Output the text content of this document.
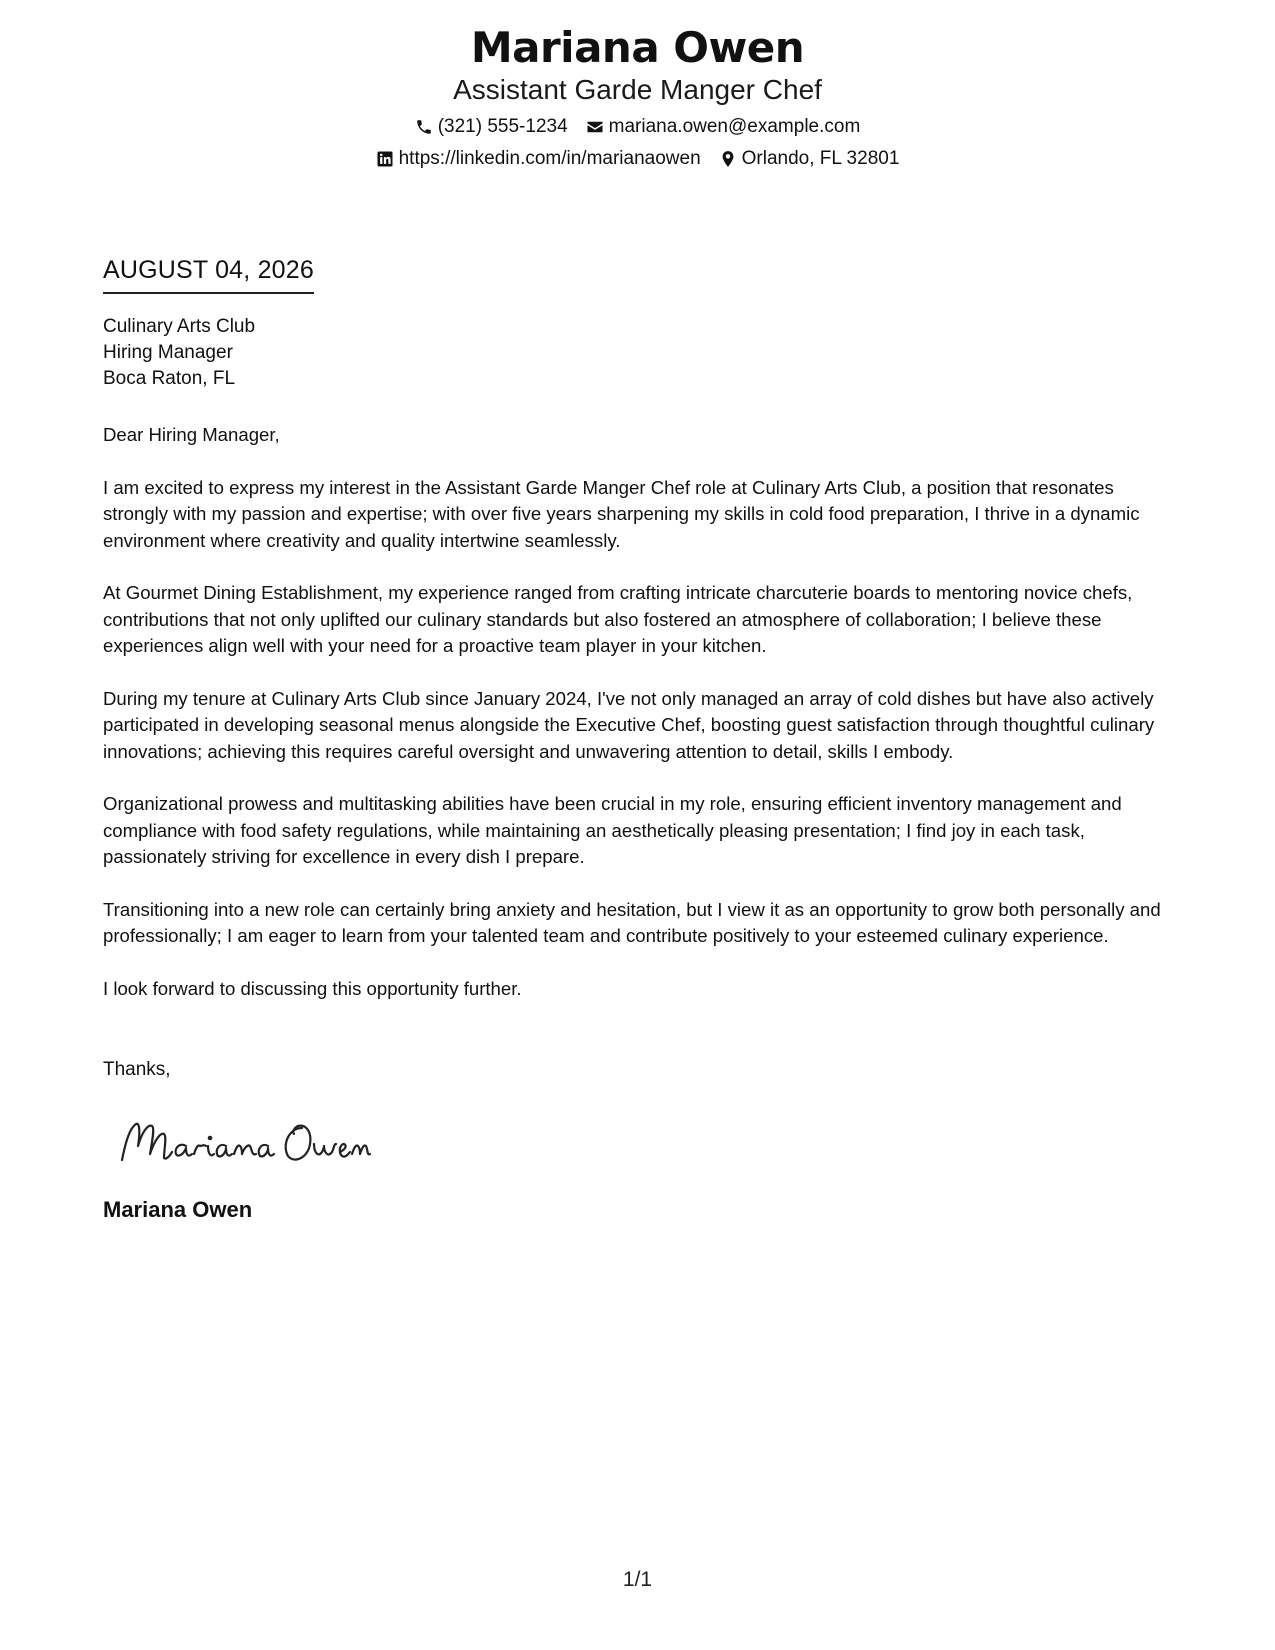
Mariana Owen
Assistant Garde Manger Chef
(321) 555-1234 mariana.owen@example.com
https://linkedin.com/in/marianaowen Orlando, FL 32801
AUGUST 04, 2026
Culinary Arts Club
Hiring Manager
Boca Raton, FL

Dear Hiring Manager,

I am excited to express my interest in the Assistant Garde Manger Chef role at Culinary Arts Club, a position that resonates strongly with my passion and expertise; with over five years sharpening my skills in cold food preparation, I thrive in a dynamic environment where creativity and quality intertwine seamlessly.

At Gourmet Dining Establishment, my experience ranged from crafting intricate charcuterie boards to mentoring novice chefs, contributions that not only uplifted our culinary standards but also fostered an atmosphere of collaboration; I believe these experiences align well with your need for a proactive team player in your kitchen.

During my tenure at Culinary Arts Club since January 2024, I've not only managed an array of cold dishes but have also actively participated in developing seasonal menus alongside the Executive Chef, boosting guest satisfaction through thoughtful culinary innovations; achieving this requires careful oversight and unwavering attention to detail, skills I embody.

Organizational prowess and multitasking abilities have been crucial in my role, ensuring efficient inventory management and compliance with food safety regulations, while maintaining an aesthetically pleasing presentation; I find joy in each task, passionately striving for excellence in every dish I prepare.

Transitioning into a new role can certainly bring anxiety and hesitation, but I view it as an opportunity to grow both personally and professionally; I am eager to learn from your talented team and contribute positively to your esteemed culinary experience.

I look forward to discussing this opportunity further.

Thanks,
Mariana Owen
1/1
